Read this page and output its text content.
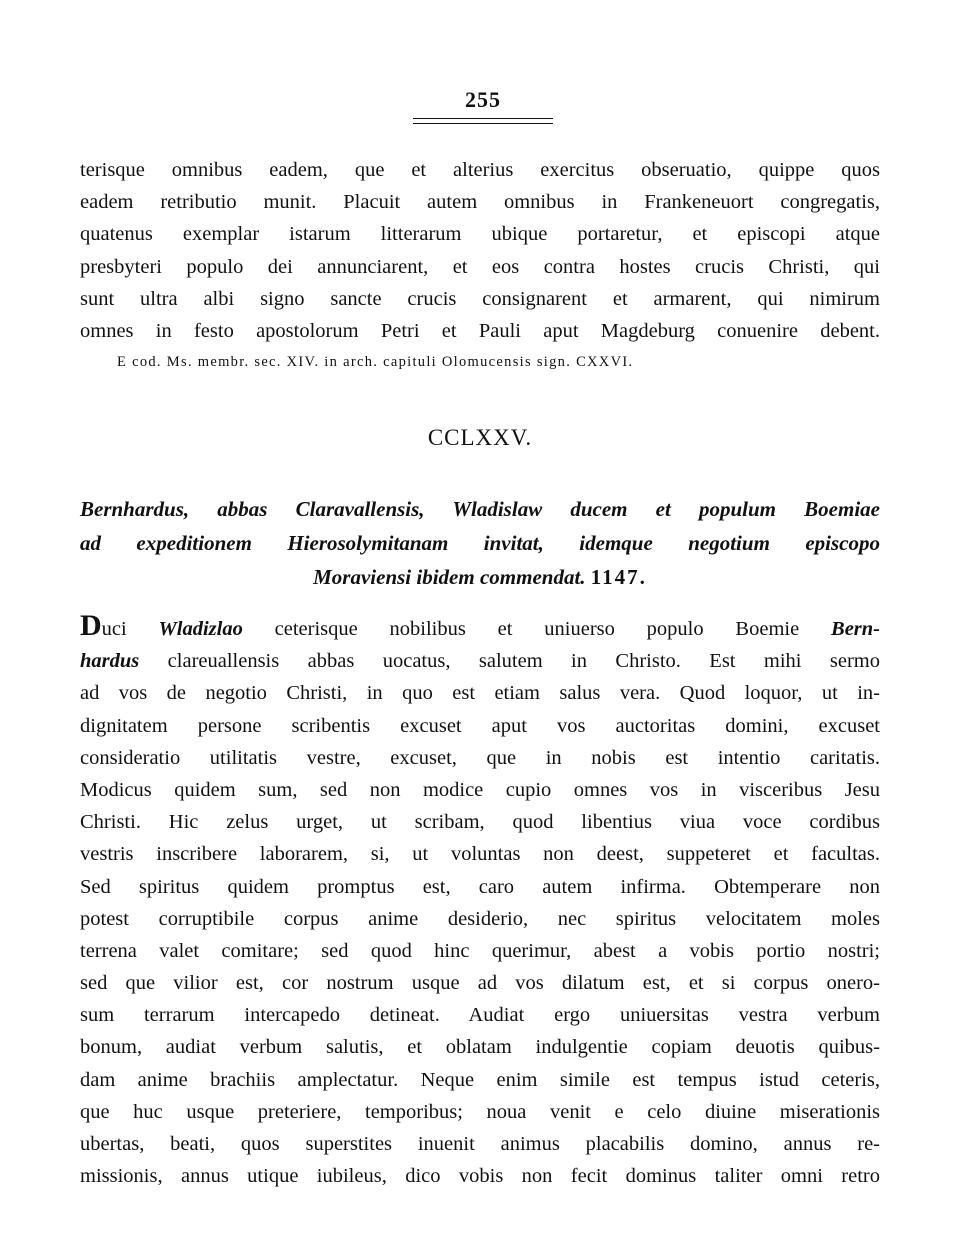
255
terisque omnibus eadem, que et alterius exercitus obseruatio, quippe quos
eadem retributio munit. Placuit autem omnibus in Frankeneuort congregatis,
quatenus exemplar istarum litterarum ubique portaretur, et episcopi atque
presbyteri populo dei annunciarent, et eos contra hostes crucis Christi, qui
sunt ultra albi signo sancte crucis consignarent et armarent, qui nimirum
omnes in festo apostolorum Petri et Pauli aput Magdeburg conuenire debent.
E cod. Ms. membr. sec. XIV. in arch. capituli Olomucensis sign. CXXVI.
CCLXXV.
Bernhardus, abbas Claravallensis, Wladislaw ducem et populum Boemiae
ad expeditionem Hierosolymitanam invitat, idemque negotium episcopo
Moraviensi ibidem commendat. 1147.
Duci Wladizlao ceterisque nobilibus et uniuerso populo Boemie Bern-
hardus clareuallensis abbas uocatus, salutem in Christo. Est mihi sermo
ad vos de negotio Christi, in quo est etiam salus vera. Quod loquor, ut in-
dignitatem persone scribentis excuset aput vos auctoritas domini, excuset
consideratio utilitatis vestre, excuset, que in nobis est intentio caritatis.
Modicus quidem sum, sed non modice cupio omnes vos in visceribus Jesu
Christi. Hic zelus urget, ut scribam, quod libentius viua voce cordibus
vestris inscribere laborarem, si, ut voluntas non deest, suppeteret et facultas.
Sed spiritus quidem promptus est, caro autem infirma. Obtemperare non
potest corruptibile corpus anime desiderio, nec spiritus velocitatem moles
terrena valet comitare; sed quod hinc querimur, abest a vobis portio nostri;
sed que vilior est, cor nostrum usque ad vos dilatum est, et si corpus onero-
sum terrarum intercapedo detineat. Audiat ergo uniuersitas vestra verbum
bonum, audiat verbum salutis, et oblatam indulgentie copiam deuotis quibus-
dam anime brachiis amplectatur. Neque enim simile est tempus istud ceteris,
que huc usque preteriere, temporibus; noua venit e celo diuine miserationis
ubertas, beati, quos superstites inuenit animus placabilis domino, annus re-
missionis, annus utique iubileus, dico vobis non fecit dominus taliter omni retro
